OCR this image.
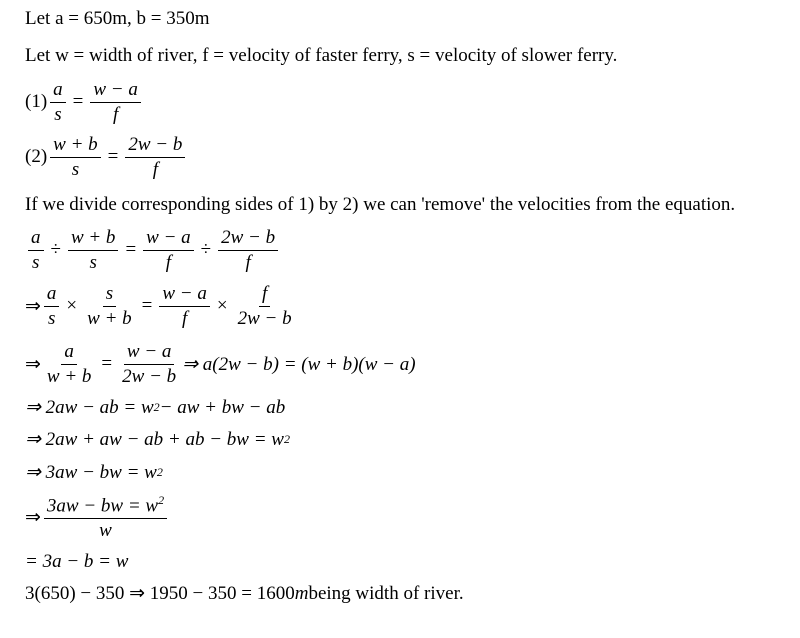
Let a = 650m, b = 350m
Let w = width of river, f = velocity of faster ferry, s = velocity of slower ferry.
$(1) \frac{a}{s} = \frac{w - a}{f}$
$(2) \frac{w + b}{s} = \frac{2w - b}{f}$
If we divide corresponding sides of 1) by 2) we can 'remove' the velocities from the equation.
$\frac{a}{s} \div \frac{w + b}{s} = \frac{w - a}{f} \div \frac{2w - b}{f}$
⇒ $\frac{a}{s} \times \frac{s}{w + b} = \frac{w - a}{f} \times \frac{f}{2w - b}$
⇒ $\frac{a}{w + b} = \frac{w - a}{2w - b}$ ⇒ a(2w − b) = (w + b)(w − a)
⇒ 2aw − ab = w 2 − aw + bw − ab
⇒ 2aw + aw − ab + ab − bw = w 2
⇒ 3aw − bw = w 2
⇒ $\frac{3aw - bw = w^2}{w}$
= 3a − b = w
3(650) − 350 ⇒ 1950 − 350 = 1600 m being width of river.
